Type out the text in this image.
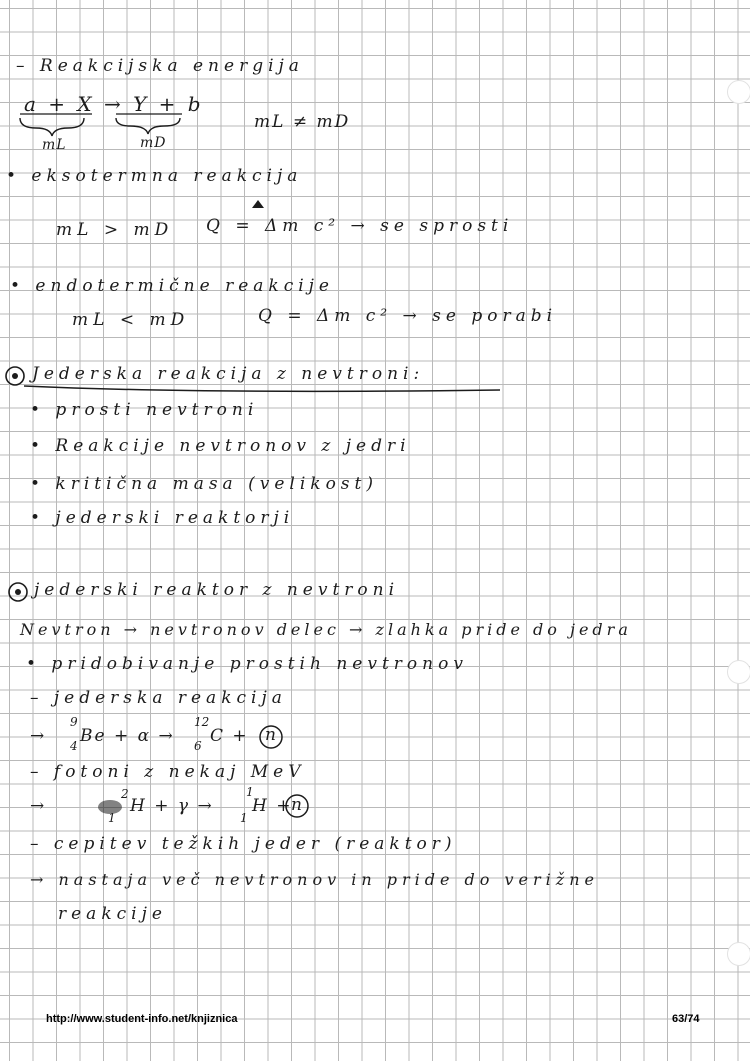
– Reakcijska energija
a + X → Y + b
mL	mD
mL ≠ mD
• eksotermna reakcija
mL > mD Q = Δm c² → se sprosti
• endotermične reakcije
mL < mD	Q = Δm c² → se porabi
Jederska reakcija z nevtroni:
• prosti nevtroni
• Reakcije nevtronov z jedri
• kritična masa (velikost)
• jederski reaktorji
jederski reaktor z nevtroni
Nevtron → nevtronov delec → zlahka pride do jedra
• pridobivanje prostih nevtronov
– jederska reakcija
→
9
4 Be + α →
12
6 C + n
– fotoni z nekaj MeV
→
2
1
H + γ →
1
1
H +
n
– cepitev težkih jeder (reaktor)
→ nastaja več nevtronov in pride do verižne
reakcije
http://www.student-info.net/knjiznica	63/74
